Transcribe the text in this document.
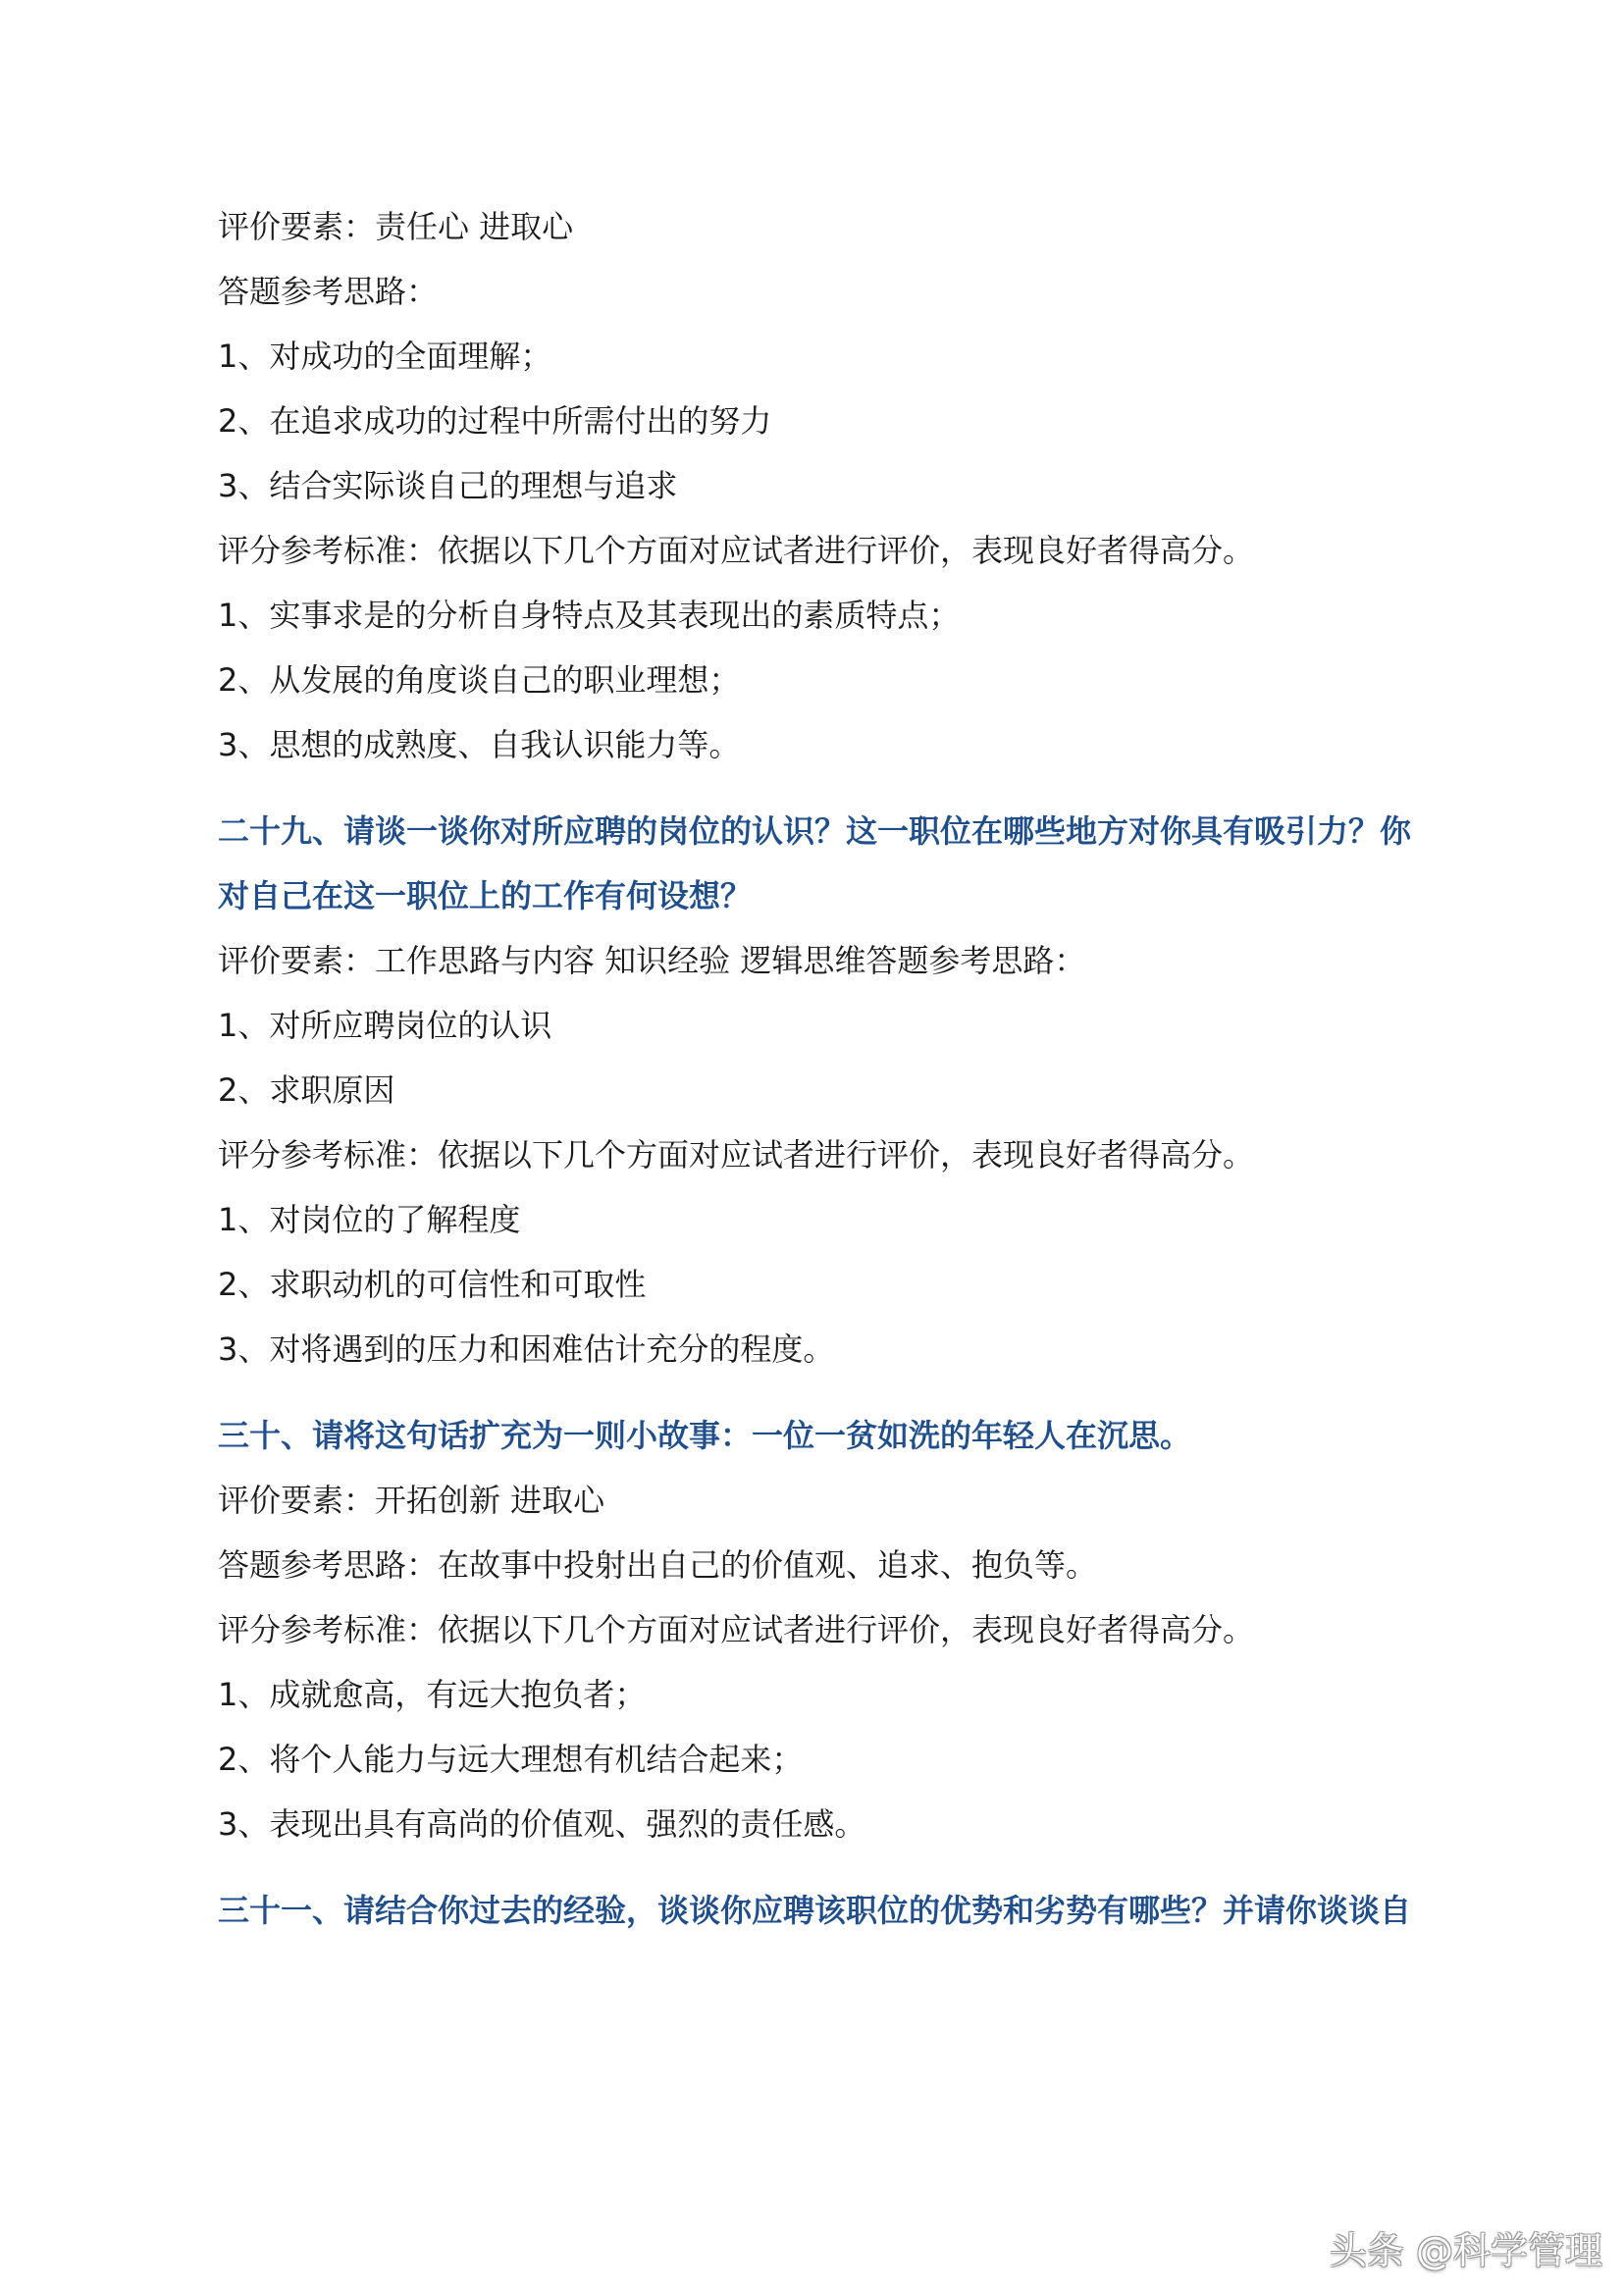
评价要素：责任心 进取心
答题参考思路：
1、对成功的全面理解；
2、在追求成功的过程中所需付出的努力
3、结合实际谈自己的理想与追求
评分参考标准：依据以下几个方面对应试者进行评价，表现良好者得高分。
1、实事求是的分析自身特点及其表现出的素质特点；
2、从发展的角度谈自己的职业理想；
3、思想的成熟度、自我认识能力等。
二十九、请谈一谈你对所应聘的岗位的认识？这一职位在哪些地方对你具有吸引力？你
对自己在这一职位上的工作有何设想？
评价要素：工作思路与内容 知识经验 逻辑思维答题参考思路：
1、对所应聘岗位的认识
2、求职原因
评分参考标准：依据以下几个方面对应试者进行评价，表现良好者得高分。
1、对岗位的了解程度
2、求职动机的可信性和可取性
3、对将遇到的压力和困难估计充分的程度。
三十、请将这句话扩充为一则小故事：一位一贫如洗的年轻人在沉思。
评价要素：开拓创新 进取心
答题参考思路：在故事中投射出自己的价值观、追求、抱负等。
评分参考标准：依据以下几个方面对应试者进行评价，表现良好者得高分。
1、成就愈高，有远大抱负者；
2、将个人能力与远大理想有机结合起来；
3、表现出具有高尚的价值观、强烈的责任感。
三十一、请结合你过去的经验，谈谈你应聘该职位的优势和劣势有哪些？并请你谈谈自
头条 @科学管理
